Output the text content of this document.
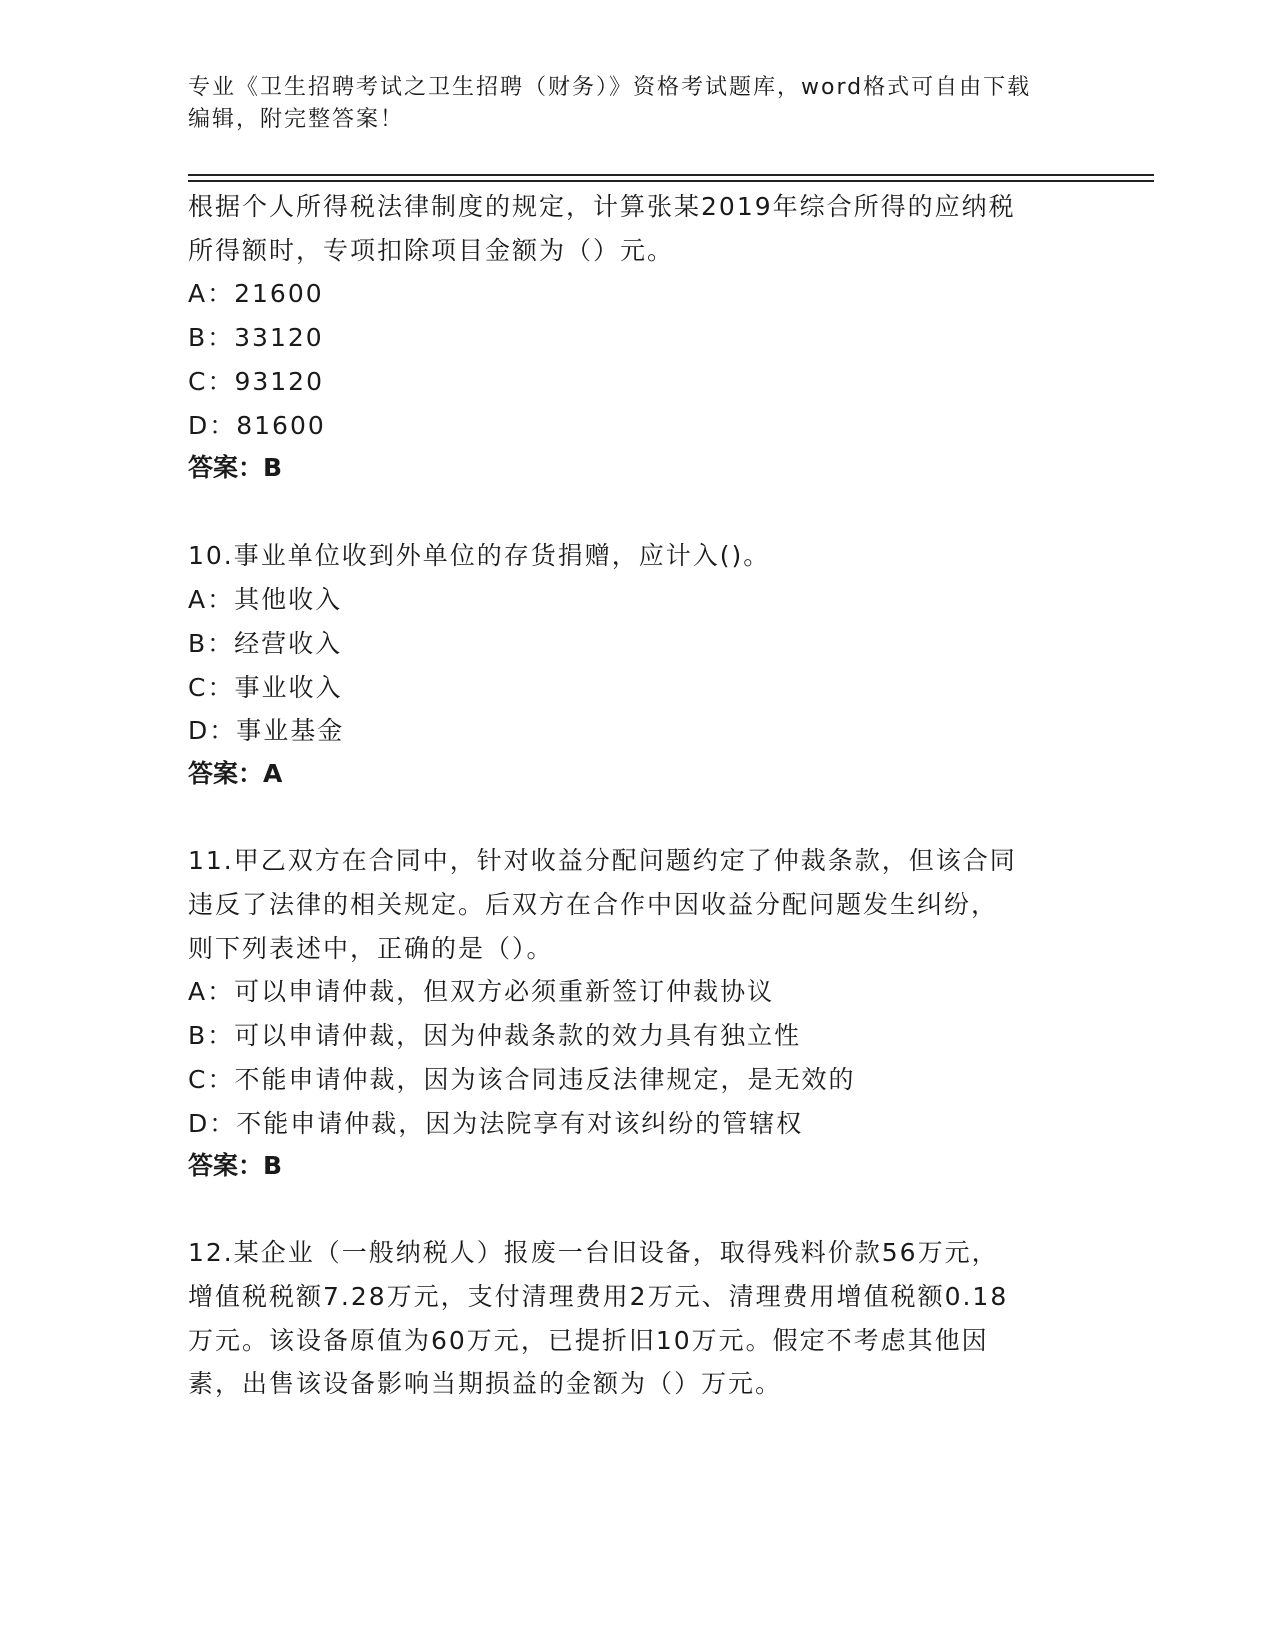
专业《卫生招聘考试之卫生招聘（财务）》资格考试题库，word格式可自由下载
编辑，附完整答案！
根据个人所得税法律制度的规定，计算张某2019年综合所得的应纳税
所得额时，专项扣除项目金额为（）元。
A：21600
B：33120
C：93120
D：81600
答案：B
10.事业单位收到外单位的存货捐赠，应计入()。
A：其他收入
B：经营收入
C：事业收入
D：事业基金
答案：A
11.甲乙双方在合同中，针对收益分配问题约定了仲裁条款，但该合同
违反了法律的相关规定。后双方在合作中因收益分配问题发生纠纷，
则下列表述中，正确的是（）。
A：可以申请仲裁，但双方必须重新签订仲裁协议
B：可以申请仲裁，因为仲裁条款的效力具有独立性
C：不能申请仲裁，因为该合同违反法律规定，是无效的
D：不能申请仲裁，因为法院享有对该纠纷的管辖权
答案：B
12.某企业（一般纳税人）报废一台旧设备，取得残料价款56万元，
增值税税额7.28万元，支付清理费用2万元、清理费用增值税额0.18
万元。该设备原值为60万元，已提折旧10万元。假定不考虑其他因
素，出售该设备影响当期损益的金额为（）万元。
